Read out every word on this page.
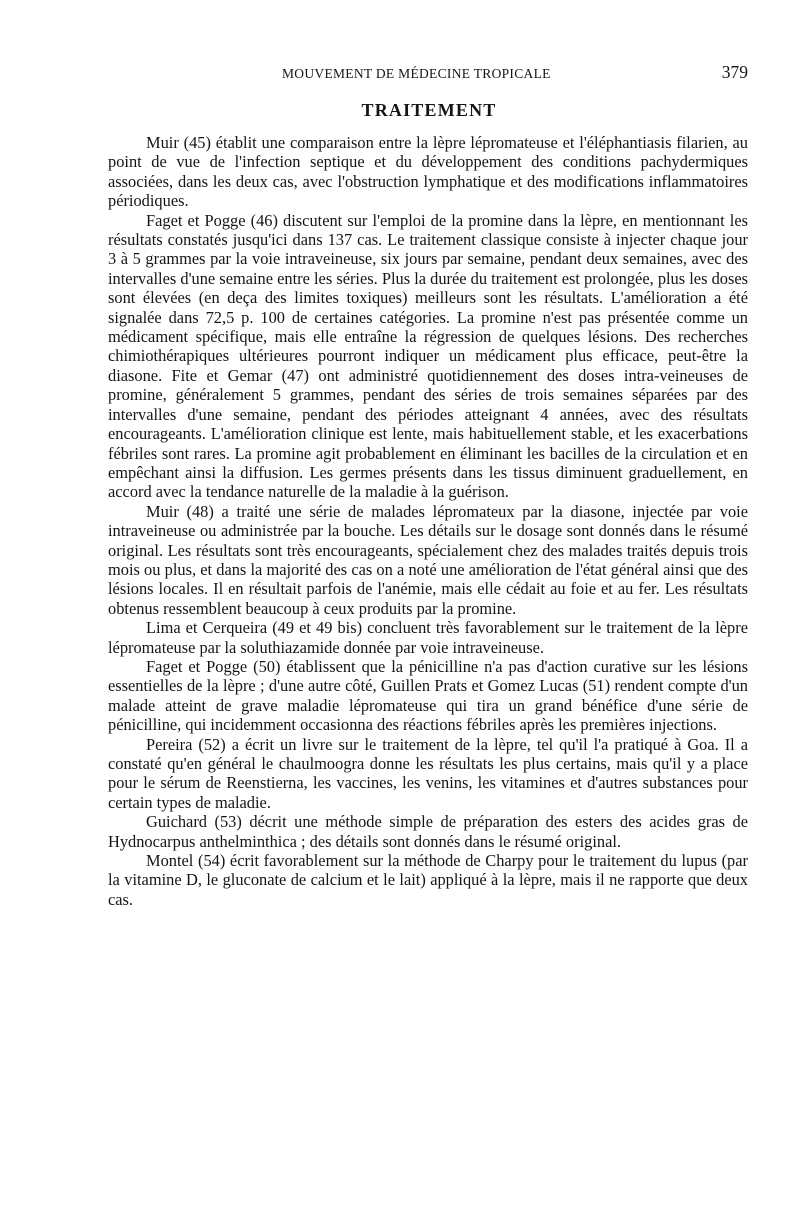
MOUVEMENT DE MÉDECINE TROPICALE	379
TRAITEMENT

Muir (45) établit une comparaison entre la lèpre lépromateuse et l'éléphantiasis filarien, au point de vue de l'infection septique et du développement des conditions pachydermiques associées, dans les deux cas, avec l'obstruction lymphatique et des modifications inflammatoires périodiques.

Faget et Pogge (46) discutent sur l'emploi de la promine dans la lèpre, en mentionnant les résultats constatés jusqu'ici dans 137 cas. Le traitement classique consiste à injecter chaque jour 3 à 5 grammes par la voie intraveineuse, six jours par semaine, pendant deux semaines, avec des intervalles d'une semaine entre les séries. Plus la durée du traitement est prolongée, plus les doses sont élevées (en deça des limites toxiques) meilleurs sont les résultats. L'amélioration a été signalée dans 72,5 p. 100 de certaines catégories. La promine n'est pas présentée comme un médicament spécifique, mais elle entraîne la régression de quelques lésions. Des recherches chimiothérapiques ultérieures pourront indiquer un médicament plus efficace, peut-être la diasone. Fite et Gemar (47) ont administré quotidiennement des doses intra-veineuses de promine, généralement 5 grammes, pendant des séries de trois semaines séparées par des intervalles d'une semaine, pendant des périodes atteignant 4 années, avec des résultats encourageants. L'amélioration clinique est lente, mais habituellement stable, et les exacerbations fébriles sont rares. La promine agit probablement en éliminant les bacilles de la circulation et en empêchant ainsi la diffusion. Les germes présents dans les tissus diminuent graduellement, en accord avec la tendance naturelle de la maladie à la guérison.

Muir (48) a traité une série de malades lépromateux par la diasone, injectée par voie intraveineuse ou administrée par la bouche. Les détails sur le dosage sont donnés dans le résumé original. Les résultats sont très encourageants, spécialement chez des malades traités depuis trois mois ou plus, et dans la majorité des cas on a noté une amélioration de l'état général ainsi que des lésions locales. Il en résultait parfois de l'anémie, mais elle cédait au foie et au fer. Les résultats obtenus ressemblent beaucoup à ceux produits par la promine.

Lima et Cerqueira (49 et 49 bis) concluent très favorablement sur le traitement de la lèpre lépromateuse par la soluthiazamide donnée par voie intraveineuse.

Faget et Pogge (50) établissent que la pénicilline n'a pas d'action curative sur les lésions essentielles de la lèpre ; d'une autre côté, Guillen Prats et Gomez Lucas (51) rendent compte d'un malade atteint de grave maladie lépromateuse qui tira un grand bénéfice d'une série de pénicilline, qui incidemment occasionna des réactions fébriles après les premières injections.

Pereira (52) a écrit un livre sur le traitement de la lèpre, tel qu'il l'a pratiqué à Goa. Il a constaté qu'en général le chaulmoogra donne les résultats les plus certains, mais qu'il y a place pour le sérum de Reenstierna, les vaccines, les venins, les vitamines et d'autres substances pour certain types de maladie.

Guichard (53) décrit une méthode simple de préparation des esters des acides gras de Hydnocarpus anthelminthica ; des détails sont donnés dans le résumé original.

Montel (54) écrit favorablement sur la méthode de Charpy pour le traitement du lupus (par la vitamine D, le gluconate de calcium et le lait) appliqué à la lèpre, mais il ne rapporte que deux cas.
